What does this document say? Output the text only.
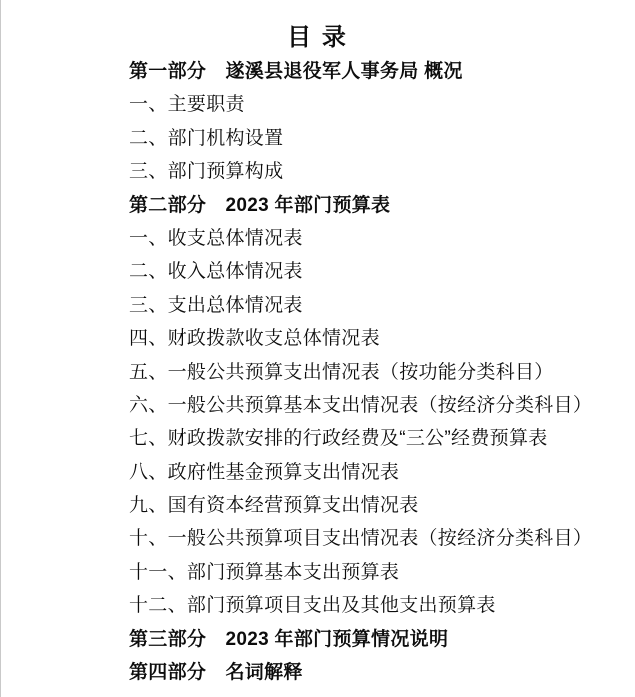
目 录
第一部分　遂溪县退役军人事务局 概况
一、主要职责
二、部门机构设置
三、部门预算构成
第二部分　2023 年部门预算表
一、收支总体情况表
二、收入总体情况表
三、支出总体情况表
四、财政拨款收支总体情况表
五、一般公共预算支出情况表（按功能分类科目）
六、一般公共预算基本支出情况表（按经济分类科目）
七、财政拨款安排的行政经费及“三公”经费预算表
八、政府性基金预算支出情况表
九、国有资本经营预算支出情况表
十、一般公共预算项目支出情况表（按经济分类科目）
十一、部门预算基本支出预算表
十二、部门预算项目支出及其他支出预算表
第三部分　2023 年部门预算情况说明
第四部分　名词解释
